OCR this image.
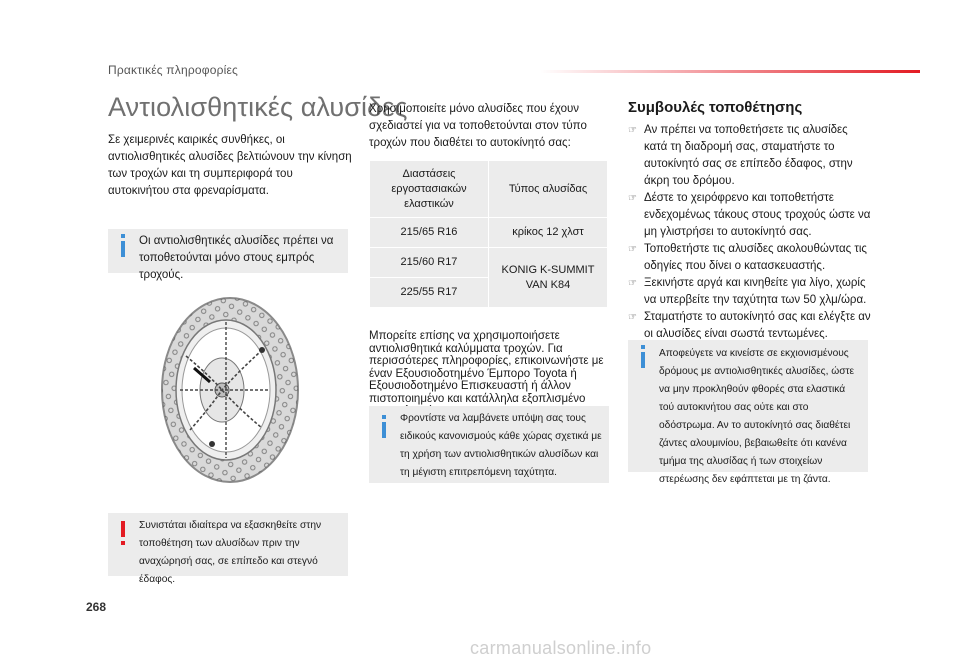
Πρακτικές πληροφορίες
Αντιολισθητικές αλυσίδες
Σε χειμερινές καιρικές συνθήκες, οι αντιολισθητικές αλυσίδες βελτιώνουν την κίνηση των τροχών και τη συμπεριφορά του αυτοκινήτου στα φρεναρίσματα.
Οι αντιολισθητικές αλυσίδες πρέπει να τοποθετούνται μόνο στους εμπρός τροχούς.
Συνιστάται ιδιαίτερα να εξασκηθείτε στην τοποθέτηση των αλυσίδων πριν την αναχώρησή σας, σε επίπεδο και στεγνό έδαφος.
Χρησιμοποιείτε μόνο αλυσίδες που έχουν σχεδιαστεί για να τοποθετούνται στον τύπο τροχών που διαθέτει το αυτοκίνητό σας:
Διαστάσεις εργοστασιακών ελαστικών	Τύπος αλυσίδας
215/65 R16	κρίκος 12 χλστ
215/60 R17	KONIG K-SUMMIT VAN K84
225/55 R17	
Μπορείτε επίσης να χρησιμοποιήσετε αντιολισθητικά καλύμματα τροχών. Για περισσότερες πληροφορίες, επικοινωνήστε με έναν Εξουσιοδοτημένο Έμπορο Toyota ή Εξουσιοδοτημένο Επισκευαστή ή άλλον πιστοποιημένο και κατάλληλα εξοπλισμένο
Φροντίστε να λαμβάνετε υπόψη σας τους ειδικούς κανονισμούς κάθε χώρας σχετικά με τη χρήση των αντιολισθητικών αλυσίδων και τη μέγιστη επιτρεπόμενη ταχύτητα.
Συμβουλές τοποθέτησης
☞ Αν πρέπει να τοποθετήσετε τις αλυσίδες κατά τη διαδρομή σας, σταματήστε το αυτοκίνητό σας σε επίπεδο έδαφος, στην άκρη του δρόμου.
☞ Δέστε το χειρόφρενο και τοποθετήστε ενδεχομένως τάκους στους τροχούς ώστε να μη γλιστρήσει το αυτοκίνητό σας.
☞ Τοποθετήστε τις αλυσίδες ακολουθώντας τις οδηγίες που δίνει ο κατασκευαστής.
☞ Ξεκινήστε αργά και κινηθείτε για λίγο, χωρίς να υπερβείτε την ταχύτητα των 50 χλμ/ώρα.
☞ Σταματήστε το αυτοκίνητό σας και ελέγξτε αν οι αλυσίδες είναι σωστά τεντωμένες.
Αποφεύγετε να κινείστε σε εκχιονισμένους δρόμους με αντιολισθητικές αλυσίδες, ώστε να μην προκληθούν φθορές στα ελαστικά τού αυτοκινήτου σας ούτε και στο οδόστρωμα. Αν το αυτοκίνητό σας διαθέτει ζάντες αλουμινίου, βεβαιωθείτε ότι κανένα τμήμα της αλυσίδας ή των στοιχείων στερέωσης δεν εφάπτεται με τη ζάντα.
268
carmanualsonline.info
